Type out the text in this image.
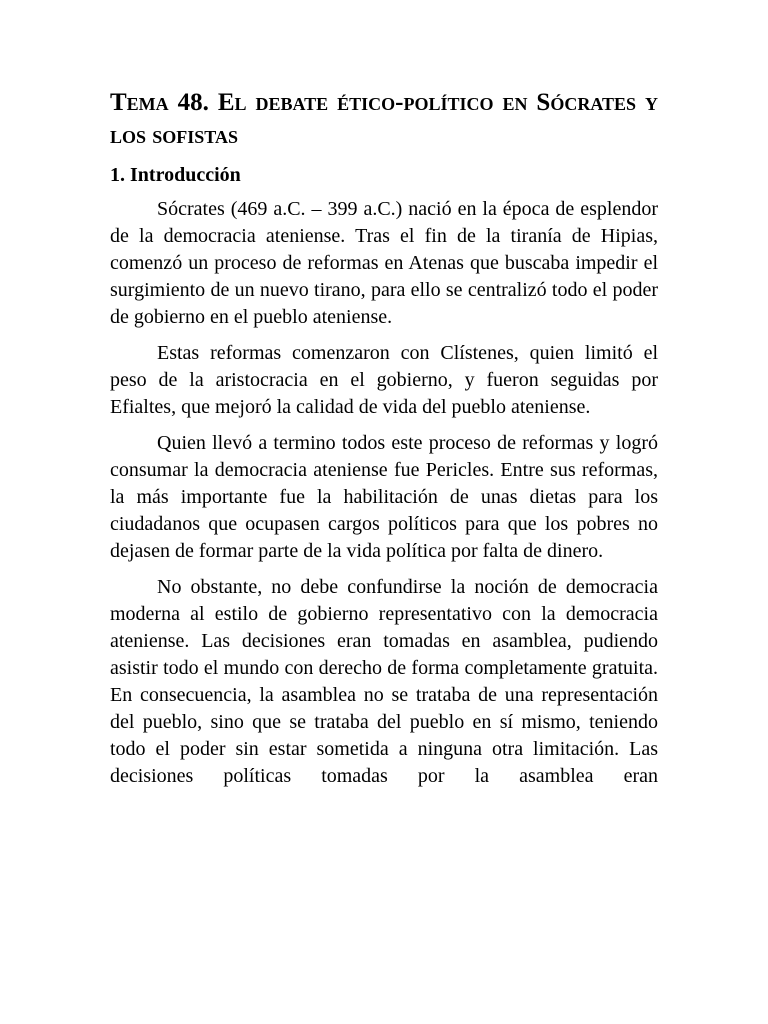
Tema 48. El debate ético-político en Sócrates y los sofistas
1. Introducción

Sócrates (469 a.C. – 399 a.C.) nació en la época de esplendor de la democracia ateniense. Tras el fin de la tiranía de Hipias, comenzó un proceso de reformas en Atenas que buscaba impedir el surgimiento de un nuevo tirano, para ello se centralizó todo el poder de gobierno en el pueblo ateniense.

Estas reformas comenzaron con Clístenes, quien limitó el peso de la aristocracia en el gobierno, y fueron seguidas por Efialtes, que mejoró la calidad de vida del pueblo ateniense.

Quien llevó a termino todos este proceso de reformas y logró consumar la democracia ateniense fue Pericles. Entre sus reformas, la más importante fue la habilitación de unas dietas para los ciudadanos que ocupasen cargos políticos para que los pobres no dejasen de formar parte de la vida política por falta de dinero.

No obstante, no debe confundirse la noción de democracia moderna al estilo de gobierno representativo con la democracia ateniense. Las decisiones eran tomadas en asamblea, pudiendo asistir todo el mundo con derecho de forma completamente gratuita. En consecuencia, la asamblea no se trataba de una representación del pueblo, sino que se trataba del pueblo en sí mismo, teniendo todo el poder sin estar sometida a ninguna otra limitación. Las decisiones políticas tomadas por la asamblea eran
